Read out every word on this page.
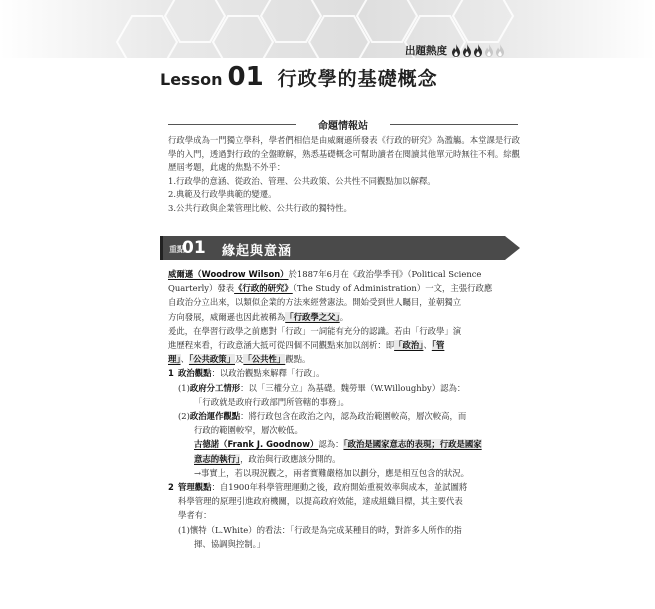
出題熱度
Lesson 01 行政學的基礎概念
命題情報站

行政學成為一門獨立學科，學者們相信是由威爾遜所發表《行政的研究》為濫觴。本堂課是行政學的入門，透過對行政的全盤瞭解，熟悉基礎概念可幫助讀者在閱讀其他單元時無往不利。綜觀歷屆考題，此處的焦點不外乎：

1.行政學的意涵、從政治、管理、公共政策、公共性不同觀點加以解釋。

2.典範及行政學典範的變遷。

3.公共行政與企業管理比較、公共行政的獨特性。

重點
01 緣起與意涵

威爾遜（Woodrow Wilson）於1887年6月在《政治學季刊》（Political Science

Quarterly）發表《行政的研究》（The Study of Administration）一文，主張行政應

自政治分立出來，以類似企業的方法來經營憲法。開始受到世人矚目，並朝獨立

方向發展，威爾遜也因此被稱為「行政學之父」。

爰此，在學習行政學之前應對「行政」一詞能有充分的認識。若由「行政學」演

進歷程來看，行政意涵大抵可從四個不同觀點來加以剖析：即「政治」、「管

理」、「公共政策」及「公共性」觀點。

1 政治觀點：以政治觀點來解釋「行政」。

(1)政府分工情形：以「三權分立」為基礎。魏勞畢（W.Willoughby）認為：

「行政就是政府行政部門所管轄的事務」。

(2)政治運作觀點：將行政包含在政治之內，認為政治範圍較高，層次較高，而

行政的範圍較窄，層次較低。

古德諾（Frank J. Goodnow）認為：「政治是國家意志的表現；行政是國家

意志的執行」，政治與行政應該分開的。

→事實上，若以現況觀之，兩者實難嚴格加以劃分，應是相互包含的狀況。

2 管理觀點：自1900年科學管理運動之後，政府開始重視效率與成本，並試圖將

科學管理的原理引進政府機關，以提高政府效能，達成組織目標，其主要代表

學者有：

(1)懷特（L.White）的看法：「行政是為完成某種目的時，對許多人所作的指

揮、協調與控制。」
